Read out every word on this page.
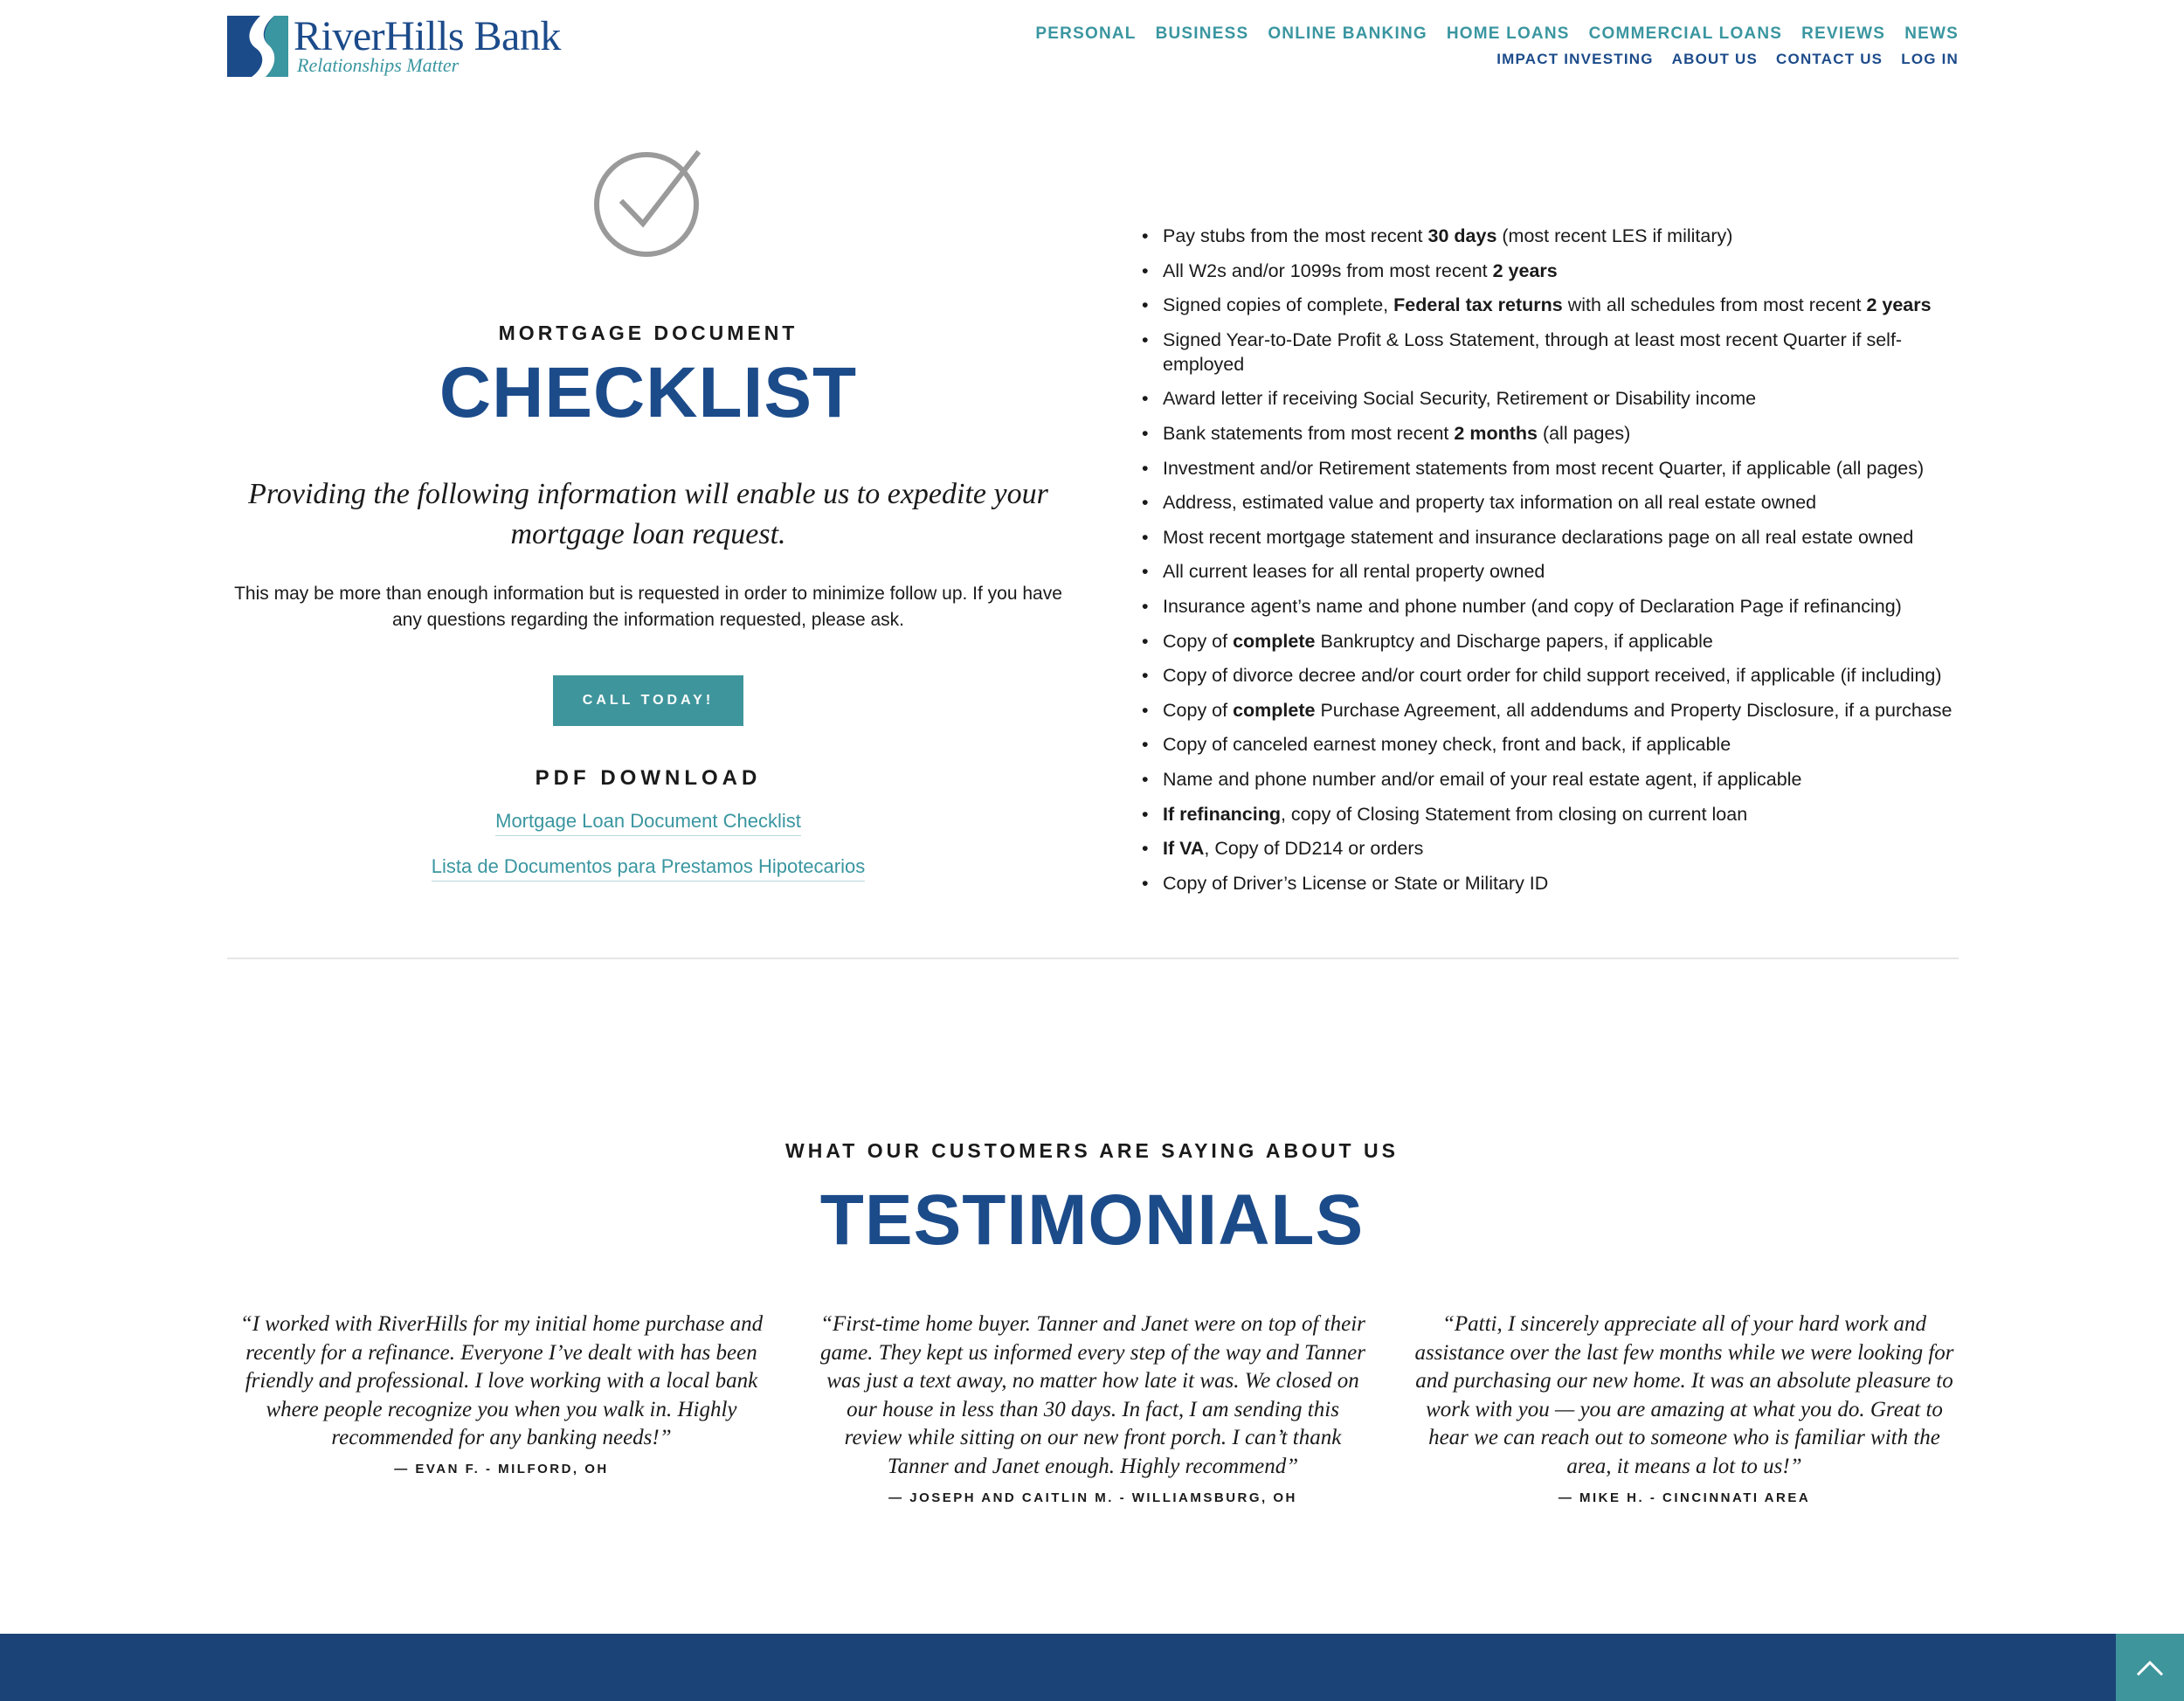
RiverHills Bank
Relationships Matter
PERSONAL BUSINESS ONLINE BANKING HOME LOANS COMMERCIAL LOANS REVIEWS NEWS
IMPACT INVESTING ABOUT US CONTACT US LOG IN
MORTGAGE DOCUMENT
CHECKLIST

Providing the following information will enable us to expedite your mortgage loan request.

This may be more than enough information but is requested in order to minimize follow up. If you have any questions regarding the information requested, please ask.

CALL TODAY!
PDF DOWNLOAD
Mortgage Loan Document Checklist
Lista de Documentos para Prestamos Hipotecarios
• Pay stubs from the most recent 30 days (most recent LES if military)
• All W2s and/or 1099s from most recent 2 years
• Signed copies of complete, Federal tax returns with all schedules from most recent 2 years
• Signed Year-to-Date Profit & Loss Statement, through at least most recent Quarter if self-employed
• Award letter if receiving Social Security, Retirement or Disability income
• Bank statements from most recent 2 months (all pages)
• Investment and/or Retirement statements from most recent Quarter, if applicable (all pages)
• Address, estimated value and property tax information on all real estate owned
• Most recent mortgage statement and insurance declarations page on all real estate owned
• All current leases for all rental property owned
• Insurance agent’s name and phone number (and copy of Declaration Page if refinancing)
• Copy of complete Bankruptcy and Discharge papers, if applicable
• Copy of divorce decree and/or court order for child support received, if applicable (if including)
• Copy of complete Purchase Agreement, all addendums and Property Disclosure, if a purchase
• Copy of canceled earnest money check, front and back, if applicable
• Name and phone number and/or email of your real estate agent, if applicable
• If refinancing, copy of Closing Statement from closing on current loan
• If VA, Copy of DD214 or orders
• Copy of Driver’s License or State or Military ID
WHAT OUR CUSTOMERS ARE SAYING ABOUT US
TESTIMONIALS

“I worked with RiverHills for my initial home purchase and recently for a refinance. Everyone I’ve dealt with has been friendly and professional. I love working with a local bank where people recognize you when you walk in. Highly recommended for any banking needs!”

— EVAN F. - MILFORD, OH

“First-time home buyer. Tanner and Janet were on top of their game. They kept us informed every step of the way and Tanner was just a text away, no matter how late it was. We closed on our house in less than 30 days. In fact, I am sending this review while sitting on our new front porch. I can’t thank Tanner and Janet enough. Highly recommend”

— JOSEPH AND CAITLIN M. - WILLIAMSBURG, OH

“Patti, I sincerely appreciate all of your hard work and assistance over the last few months while we were looking for and purchasing our new home. It was an absolute pleasure to work with you — you are amazing at what you do. Great to hear we can reach out to someone who is familiar with the area, it means a lot to us!”

— MIKE H. - CINCINNATI AREA
